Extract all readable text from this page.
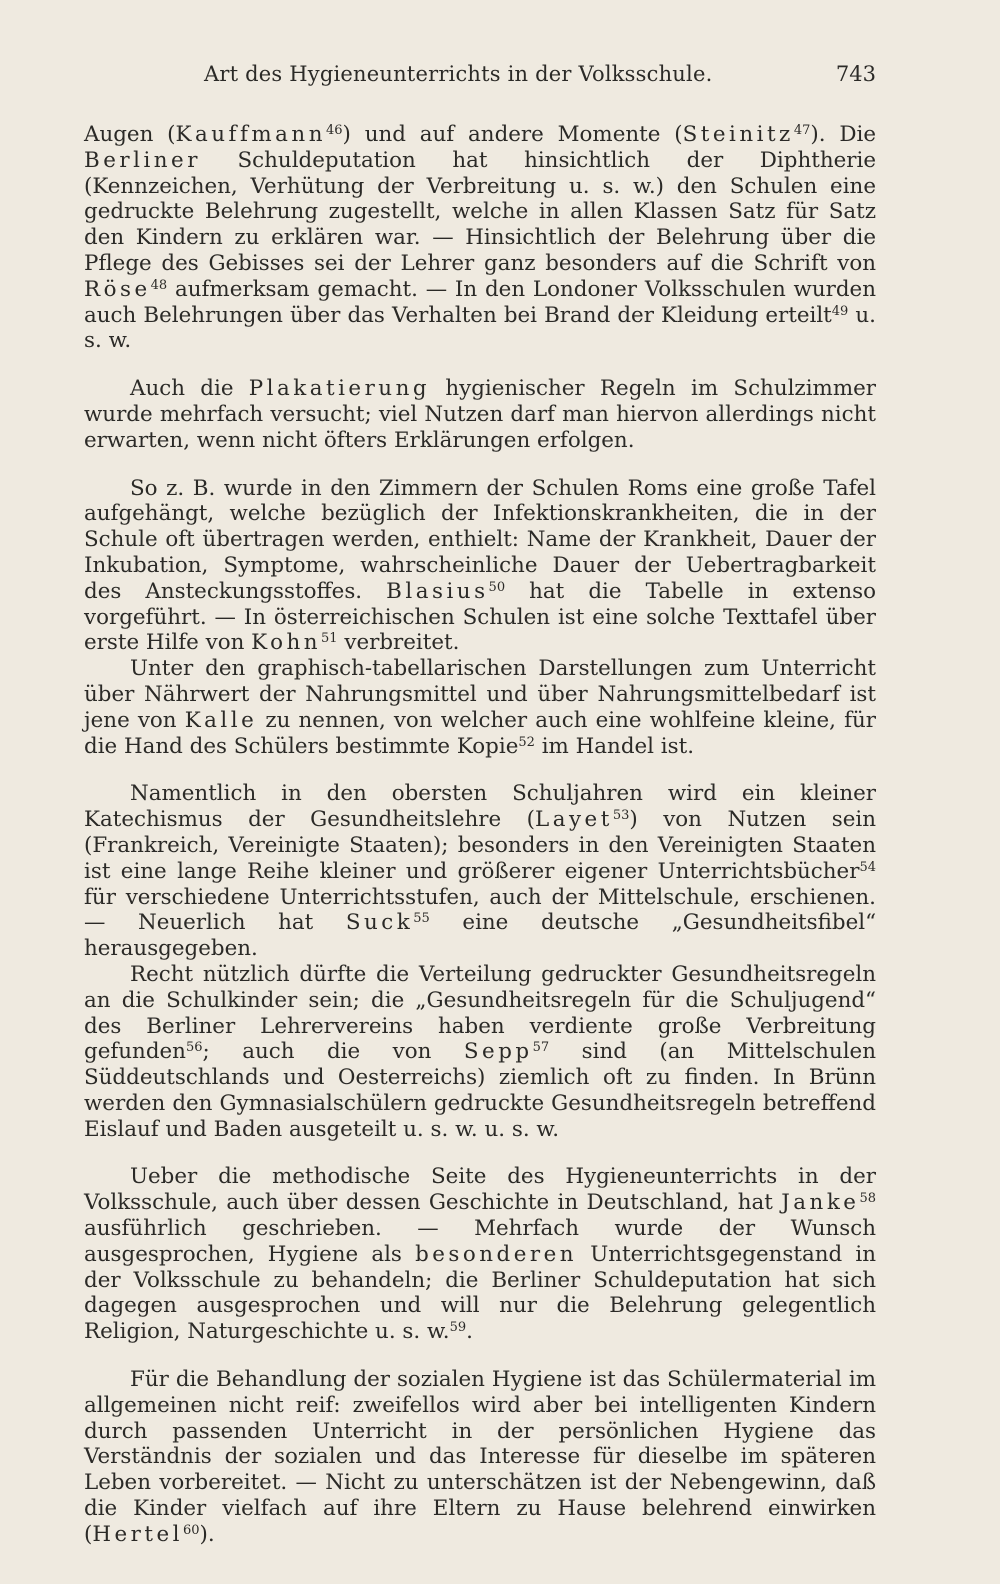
Art des Hygieneunterrichts in der Volksschule.	743

Augen (Kauffmann$^{46}$) und auf andere Momente (Steinitz$^{47}$). Die Berliner Schuldeputation hat hinsichtlich der Diphtherie (Kennzeichen, Verhütung der Verbreitung u. s. w.) den Schulen eine gedruckte Belehrung zugestellt, welche in allen Klassen Satz für Satz den Kindern zu erklären war. — Hinsichtlich der Belehrung über die Pflege des Gebisses sei der Lehrer ganz besonders auf die Schrift von Röse$^{48}$ aufmerksam gemacht. — In den Londoner Volksschulen wurden auch Belehrungen über das Verhalten bei Brand der Kleidung erteilt$^{49}$ u. s. w.

Auch die Plakatierung hygienischer Regeln im Schulzimmer wurde mehrfach versucht; viel Nutzen darf man hiervon allerdings nicht erwarten, wenn nicht öfters Erklärungen erfolgen.

So z. B. wurde in den Zimmern der Schulen Roms eine große Tafel aufgehängt, welche bezüglich der Infektionskrankheiten, die in der Schule oft übertragen werden, enthielt: Name der Krankheit, Dauer der Inkubation, Symptome, wahrscheinliche Dauer der Uebertragbarkeit des Ansteckungsstoffes. Blasius$^{50}$ hat die Tabelle in extenso vorgeführt. — In österreichischen Schulen ist eine solche Texttafel über erste Hilfe von Kohn$^{51}$ verbreitet.

Unter den graphisch-tabellarischen Darstellungen zum Unterricht über Nährwert der Nahrungsmittel und über Nahrungsmittelbedarf ist jene von Kalle zu nennen, von welcher auch eine wohlfeine kleine, für die Hand des Schülers bestimmte Kopie$^{52}$ im Handel ist.

Namentlich in den obersten Schuljahren wird ein kleiner Katechismus der Gesundheitslehre (Layet$^{53}$) von Nutzen sein (Frankreich, Vereinigte Staaten); besonders in den Vereinigten Staaten ist eine lange Reihe kleiner und größerer eigener Unterrichtsbücher$^{54}$ für verschiedene Unterrichtsstufen, auch der Mittelschule, erschienen. — Neuerlich hat Suck$^{55}$ eine deutsche „Gesundheitsfibel“ herausgegeben.

Recht nützlich dürfte die Verteilung gedruckter Gesundheitsregeln an die Schulkinder sein; die „Gesundheitsregeln für die Schuljugend“ des Berliner Lehrervereins haben verdiente große Verbreitung gefunden$^{56}$; auch die von Sepp$^{57}$ sind (an Mittelschulen Süddeutschlands und Oesterreichs) ziemlich oft zu finden. In Brünn werden den Gymnasialschülern gedruckte Gesundheitsregeln betreffend Eislauf und Baden ausgeteilt u. s. w. u. s. w.

Ueber die methodische Seite des Hygieneunterrichts in der Volksschule, auch über dessen Geschichte in Deutschland, hat Janke$^{58}$ ausführlich geschrieben. — Mehrfach wurde der Wunsch ausgesprochen, Hygiene als besonderen Unterrichtsgegenstand in der Volksschule zu behandeln; die Berliner Schuldeputation hat sich dagegen ausgesprochen und will nur die Belehrung gelegentlich Religion, Naturgeschichte u. s. w.$^{59}$.

Für die Behandlung der sozialen Hygiene ist das Schülermaterial im allgemeinen nicht reif: zweifellos wird aber bei intelligenten Kindern durch passenden Unterricht in der persönlichen Hygiene das Verständnis der sozialen und das Interesse für dieselbe im späteren Leben vorbereitet. — Nicht zu unterschätzen ist der Nebengewinn, daß die Kinder vielfach auf ihre Eltern zu Hause belehrend einwirken (Hertel$^{60}$).
